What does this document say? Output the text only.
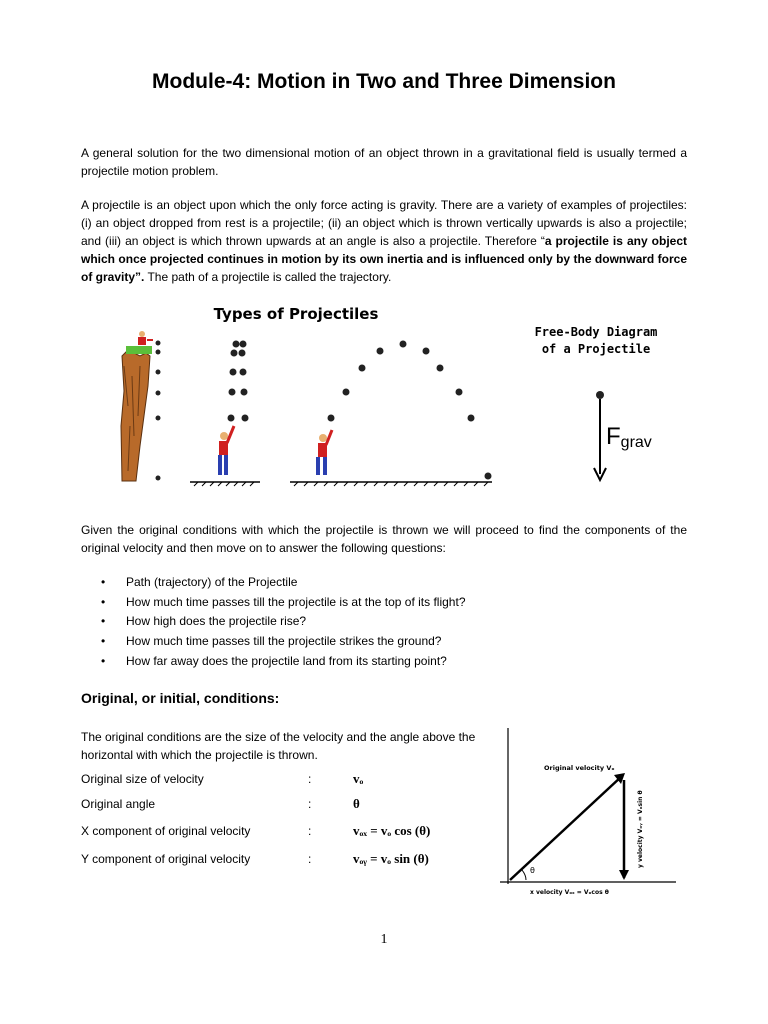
Module-4: Motion in Two and Three Dimension
A general solution for the two dimensional motion of an object thrown in a gravitational field is usually termed a projectile motion problem.
A projectile is an object upon which the only force acting is gravity. There are a variety of examples of projectiles: (i) an object dropped from rest is a projectile; (ii) an object which is thrown vertically upwards is also a projectile; and (iii) an object is which thrown upwards at an angle is also a projectile. Therefore “a projectile is any object which once projected continues in motion by its own inertia and is influenced only by the downward force of gravity”. The path of a projectile is called the trajectory.
Types of Projectiles
Free-Body Diagram
of a Projectile
Fgrav
Given the original conditions with which the projectile is thrown we will proceed to find the components of the original velocity and then move on to answer the following questions:
• Path (trajectory) of the Projectile
• How much time passes till the projectile is at the top of its flight?
• How high does the projectile rise?
• How much time passes till the projectile strikes the ground?
• How far away does the projectile land from its starting point?
Original, or initial, conditions:
The original conditions are the size of the velocity and the angle above the horizontal with which the projectile is thrown.
Original size of velocity	:	vₒ
Original angle	:	θ
X component of original velocity	:	vₒₓ = vₒ cos (θ)
Y component of original velocity	:	vₒᵧ = vₒ sin (θ)
θ
Original velocity Vₒ
x velocity Vₒₓ = Vₒcos θ
y velocity Vₒᵧ = Vₒsin θ
1
